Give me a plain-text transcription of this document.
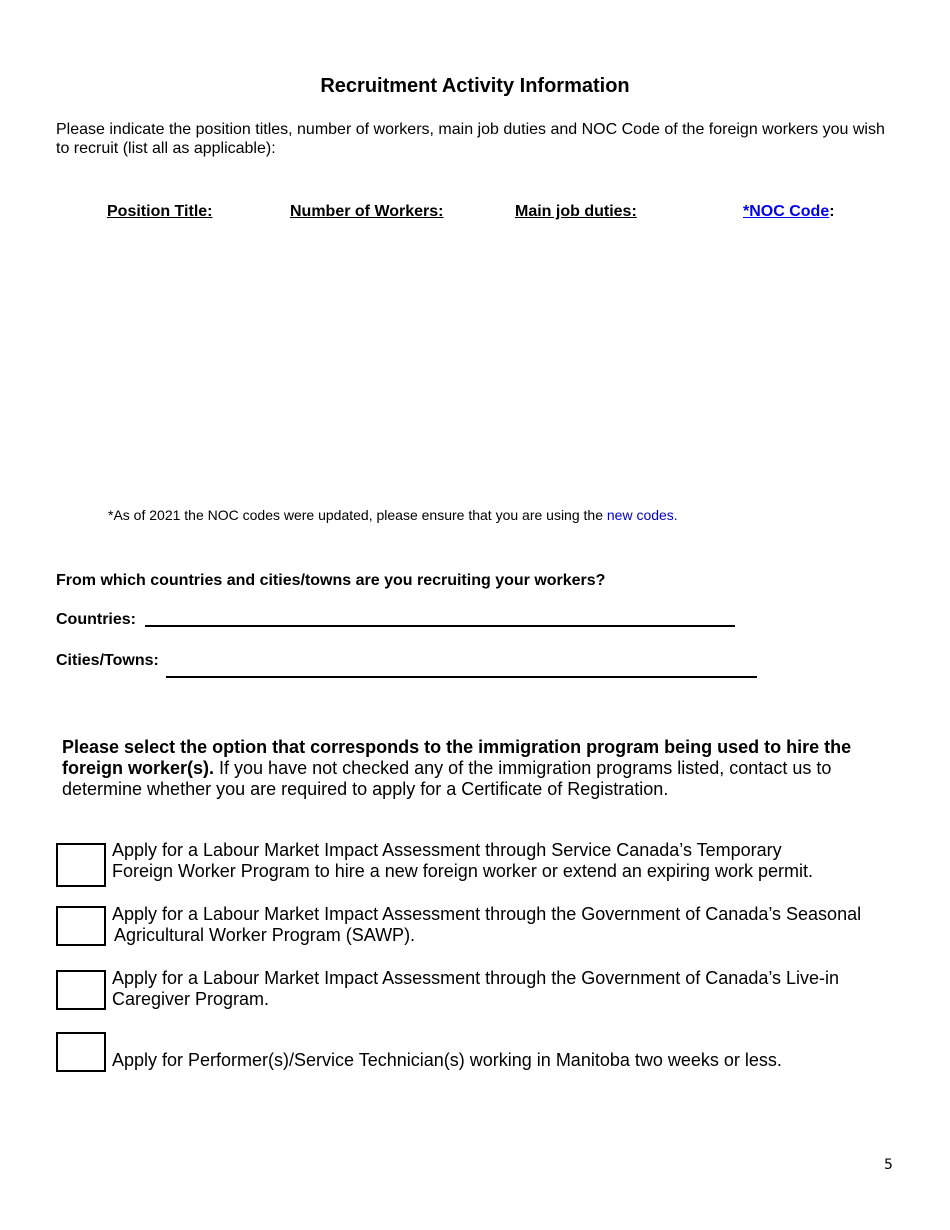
Recruitment Activity Information
Please indicate the position titles, number of workers, main job duties and NOC Code of the foreign workers you wish to recruit (list all as applicable):
Position Title:	Number of Workers:	Main job duties:	*NOC Code:
*As of 2021 the NOC codes were updated, please ensure that you are using the new codes.
From which countries and cities/towns are you recruiting your workers?
Countries:
Cities/Towns:
Please select the option that corresponds to the immigration program being used to hire the foreign worker(s). If you have not checked any of the immigration programs listed, contact us to determine whether you are required to apply for a Certificate of Registration.
Apply for a Labour Market Impact Assessment through Service Canada’s Temporary
Foreign Worker Program to hire a new foreign worker or extend an expiring work permit.
Apply for a Labour Market Impact Assessment through the Government of Canada’s Seasonal
Agricultural Worker Program (SAWP).
Apply for a Labour Market Impact Assessment through the Government of Canada’s Live-in
Caregiver Program.
Apply for Performer(s)/Service Technician(s) working in Manitoba two weeks or less.
5
